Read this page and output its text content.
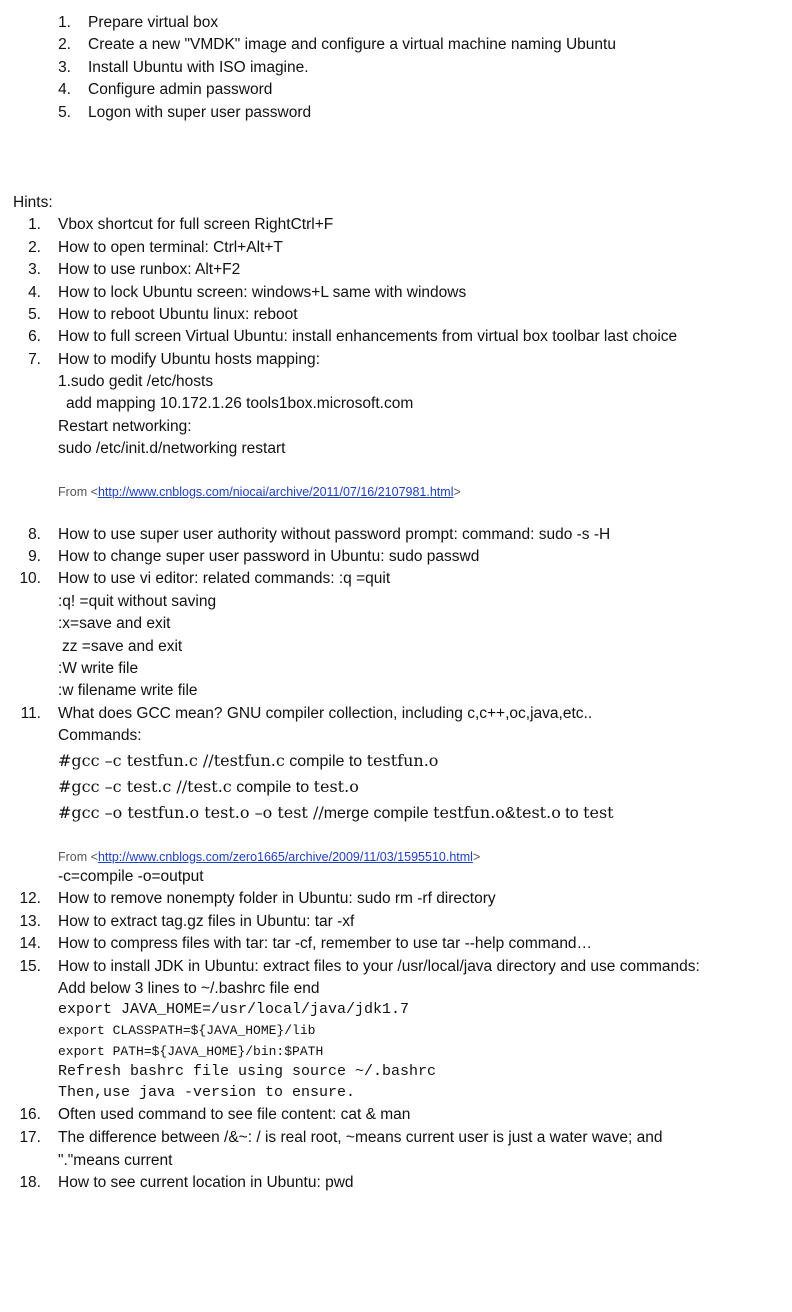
1. Prepare virtual box
2. Create a new "VMDK" image and configure a virtual machine naming Ubuntu
3. Install Ubuntu with ISO imagine.
4. Configure admin password
5. Logon with super user password
Hints:
1. Vbox shortcut for full screen RightCtrl+F
2. How to open terminal: Ctrl+Alt+T
3. How to use runbox: Alt+F2
4. How to lock Ubuntu screen: windows+L same with windows
5. How to reboot Ubuntu linux: reboot
6. How to full screen Virtual Ubuntu: install enhancements from virtual box toolbar last choice
7. How to modify Ubuntu hosts mapping:
1.sudo gedit /etc/hosts
add mapping 10.172.1.26 tools1box.microsoft.com
Restart networking:
sudo /etc/init.d/networking restart
From <http://www.cnblogs.com/niocai/archive/2011/07/16/2107981.html>
8. How to use super user authority without password prompt: command: sudo -s -H
9. How to change super user password in Ubuntu: sudo passwd
10. How to use vi editor: related commands: :q =quit
:q! =quit without saving
:x=save and exit
zz =save and exit
:W write file
:w filename write file
11. What does GCC mean? GNU compiler collection, including c,c++,oc,java,etc..
Commands:
#gcc –c testfun.c //testfun.c compile to testfun.o
#gcc –c test.c //test.c compile to test.o
#gcc –o testfun.o test.o –o test //merge compile testfun.o&test.o to test
From <http://www.cnblogs.com/zero1665/archive/2009/11/03/1595510.html>
-c=compile -o=output
12. How to remove nonempty folder in Ubuntu: sudo rm -rf directory
13. How to extract tag.gz files in Ubuntu: tar -xf
14. How to compress files with tar: tar -cf, remember to use tar --help command…
15. How to install JDK in Ubuntu: extract files to your /usr/local/java directory and use commands:
Add below 3 lines to ~/.bashrc file end
export JAVA_HOME=/usr/local/java/jdk1.7
export CLASSPATH=${JAVA_HOME}/lib
export PATH=${JAVA_HOME}/bin:$PATH
Refresh bashrc file using source ~/.bashrc
Then,use java -version to ensure.
16. Often used command to see file content: cat & man
17. The difference between /&~: / is real root, ~means current user is just a water wave; and
"."means current
18. How to see current location in Ubuntu: pwd
